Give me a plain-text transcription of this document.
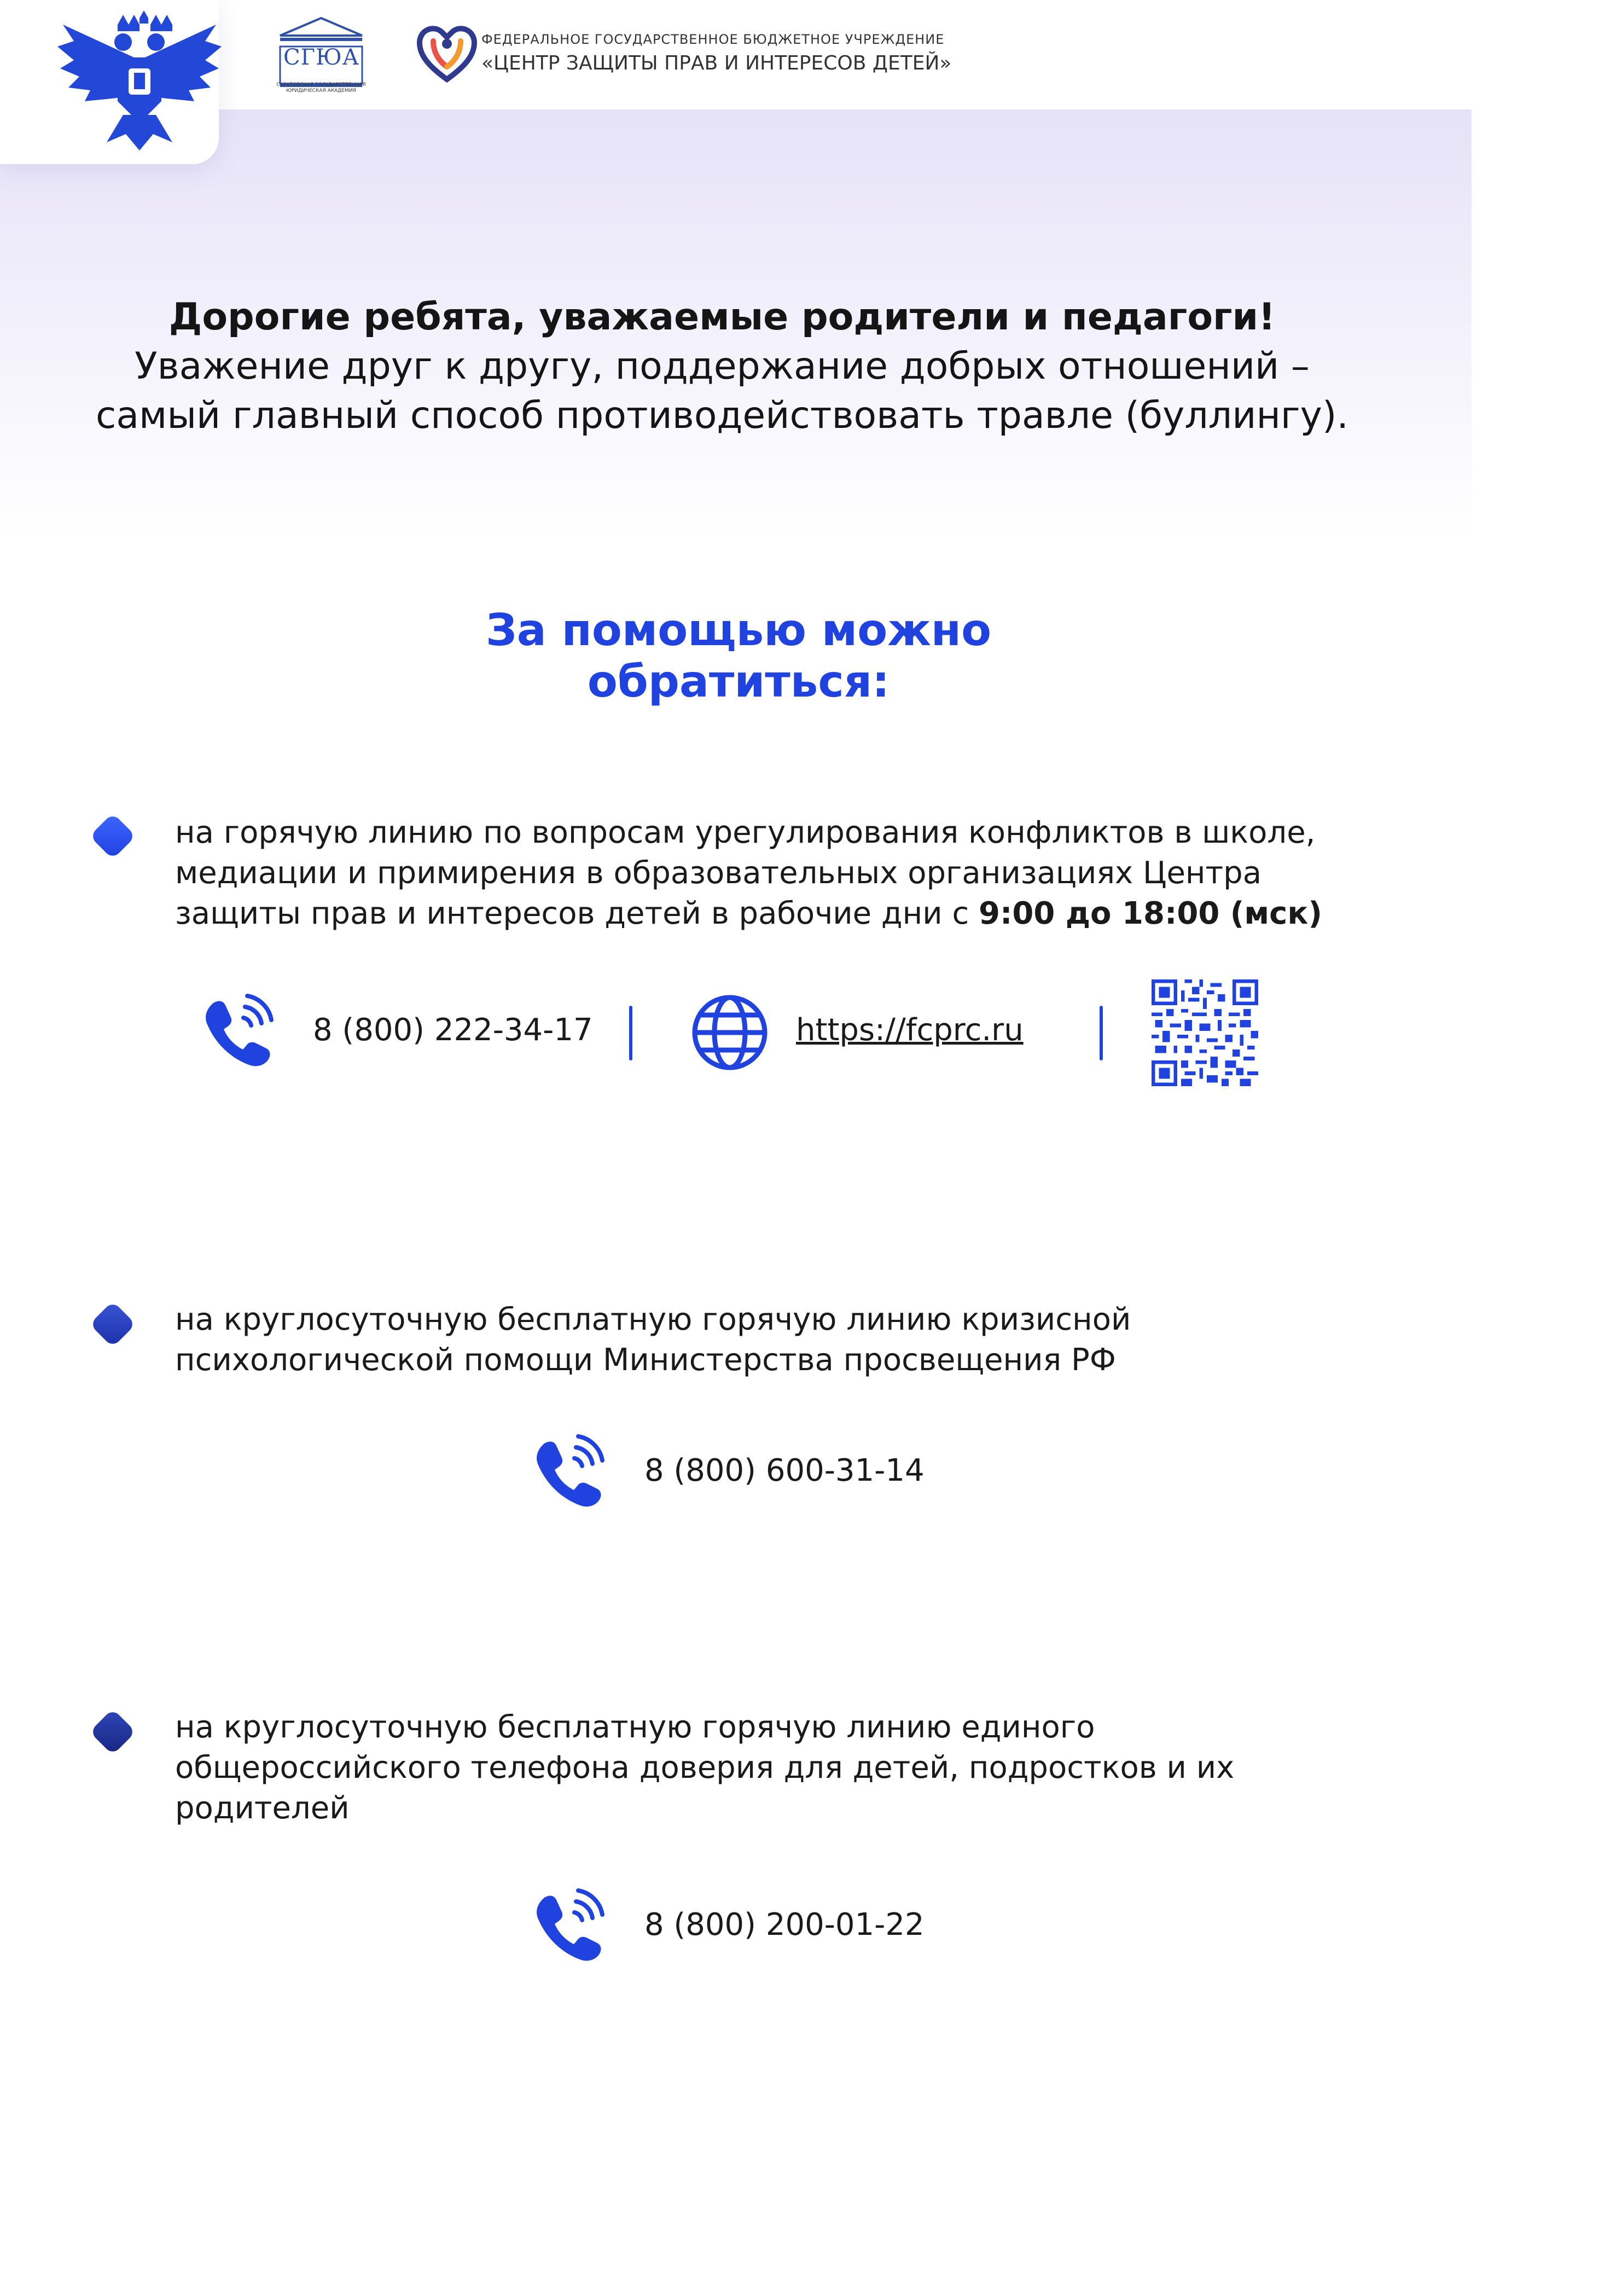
СГЮА
САРАТОВСКАЯ ГОСУДАРСТВЕННАЯ ЮРИДИЧЕСКАЯ АКАДЕМИЯ
ФЕДЕРАЛЬНОЕ ГОСУДАРСТВЕННОЕ БЮДЖЕТНОЕ УЧРЕЖДЕНИЕ
«ЦЕНТР ЗАЩИТЫ ПРАВ И ИНТЕРЕСОВ ДЕТЕЙ»
Дорогие ребята, уважаемые родители и педагоги!
Уважение друг к другу, поддержание добрых отношений – самый главный способ противодействовать травле (буллингу).
За помощью можно обратиться:
на горячую линию по вопросам урегулирования конфликтов в школе, медиации и примирения в образовательных организациях Центра защиты прав и интересов детей в рабочие дни с 9:00 до 18:00 (мск)
8 (800) 222-34-17	https://fcprc.ru
на круглосуточную бесплатную горячую линию кризисной психологической помощи Министерства просвещения РФ
8 (800) 600-31-14
на круглосуточную бесплатную горячую линию единого общероссийского телефона доверия для детей, подростков и их родителей
8 (800) 200-01-22
